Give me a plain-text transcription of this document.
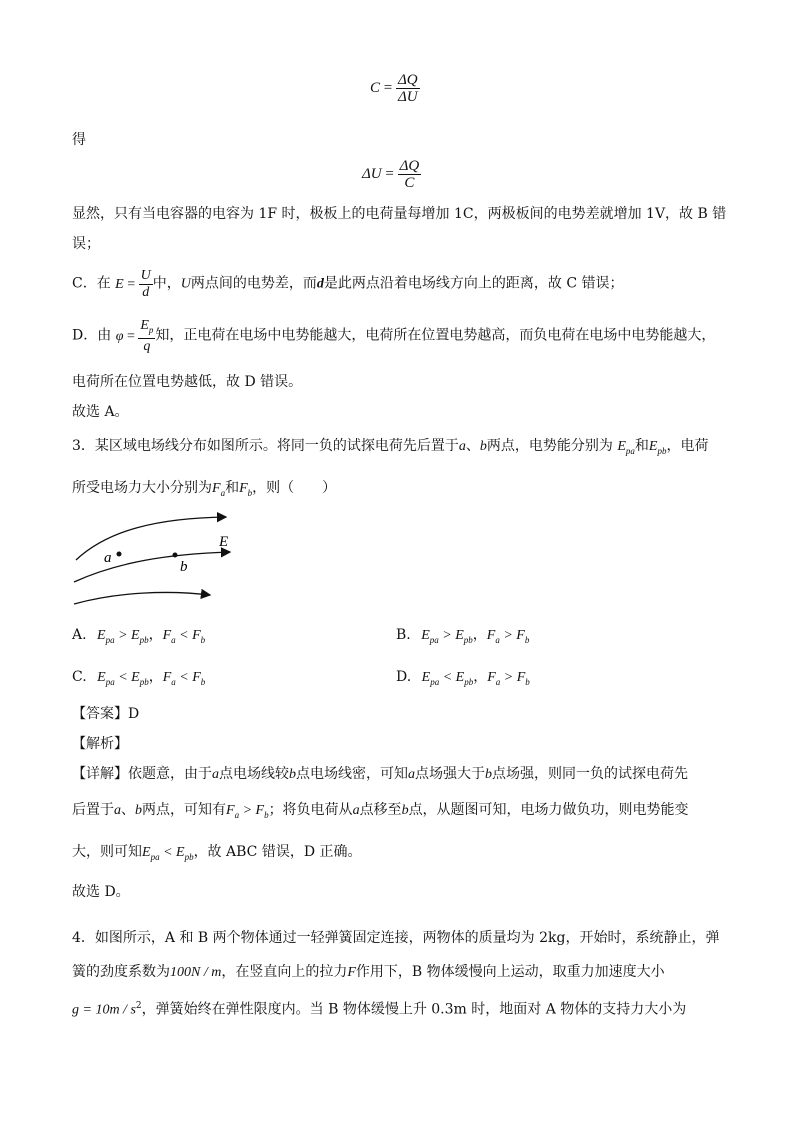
$C = \frac{\Delta Q}{\Delta U}$
得
$\Delta U = \frac{\Delta Q}{C}$
显然，只有当电容器的电容为 1F 时，极板上的电荷量每增加 1C，两极板间的电势差就增加 1V，故 B 错
误；
C．在 $E = \frac{U}{d}$ 中，U两点间的电势差，而d是此两点沿着电场线方向上的距离，故 C 错误；
D．由 $\varphi = \frac{E_p}{q}$ 知，正电荷在电场中电势能越大，电荷所在位置电势越高，而负电荷在电场中电势能越大，
电荷所在位置电势越低，故 D 错误。
故选 A。
3．某区域电场线分布如图所示。将同一负的试探电荷先后置于a、b两点，电势能分别为 $E_{pa}$和$E_{pb}$，电荷
所受电场力大小分别为$F_a$和$F_b$，则（　　）
a
b
E
A. $E_{pa} > E_{pb}$，$F_a < F_b$	B. $E_{pa} > E_{pb}$，$F_a > F_b$
C. $E_{pa} < E_{pb}$，$F_a < F_b$	D. $E_{pa} < E_{pb}$，$F_a > F_b$
【答案】D
【解析】
【详解】依题意，由于a点电场线较b点电场线密，可知a点场强大于b点场强，则同一负的试探电荷先
后置于a、b两点，可知有$F_a > F_b$；将负电荷从a点移至b点，从题图可知，电场力做负功，则电势能变
大，则可知$E_{pa} < E_{pb}$，故 ABC 错误，D 正确。
故选 D。
4．如图所示，A 和 B 两个物体通过一轻弹簧固定连接，两物体的质量均为 2kg，开始时，系统静止，弹
簧的劲度系数为100N / m，在竖直向上的拉力F作用下，B 物体缓慢向上运动，取重力加速度大小
$g = 10m / s^2$，弹簧始终在弹性限度内。当 B 物体缓慢上升 0.3m 时，地面对 A 物体的支持力大小为
